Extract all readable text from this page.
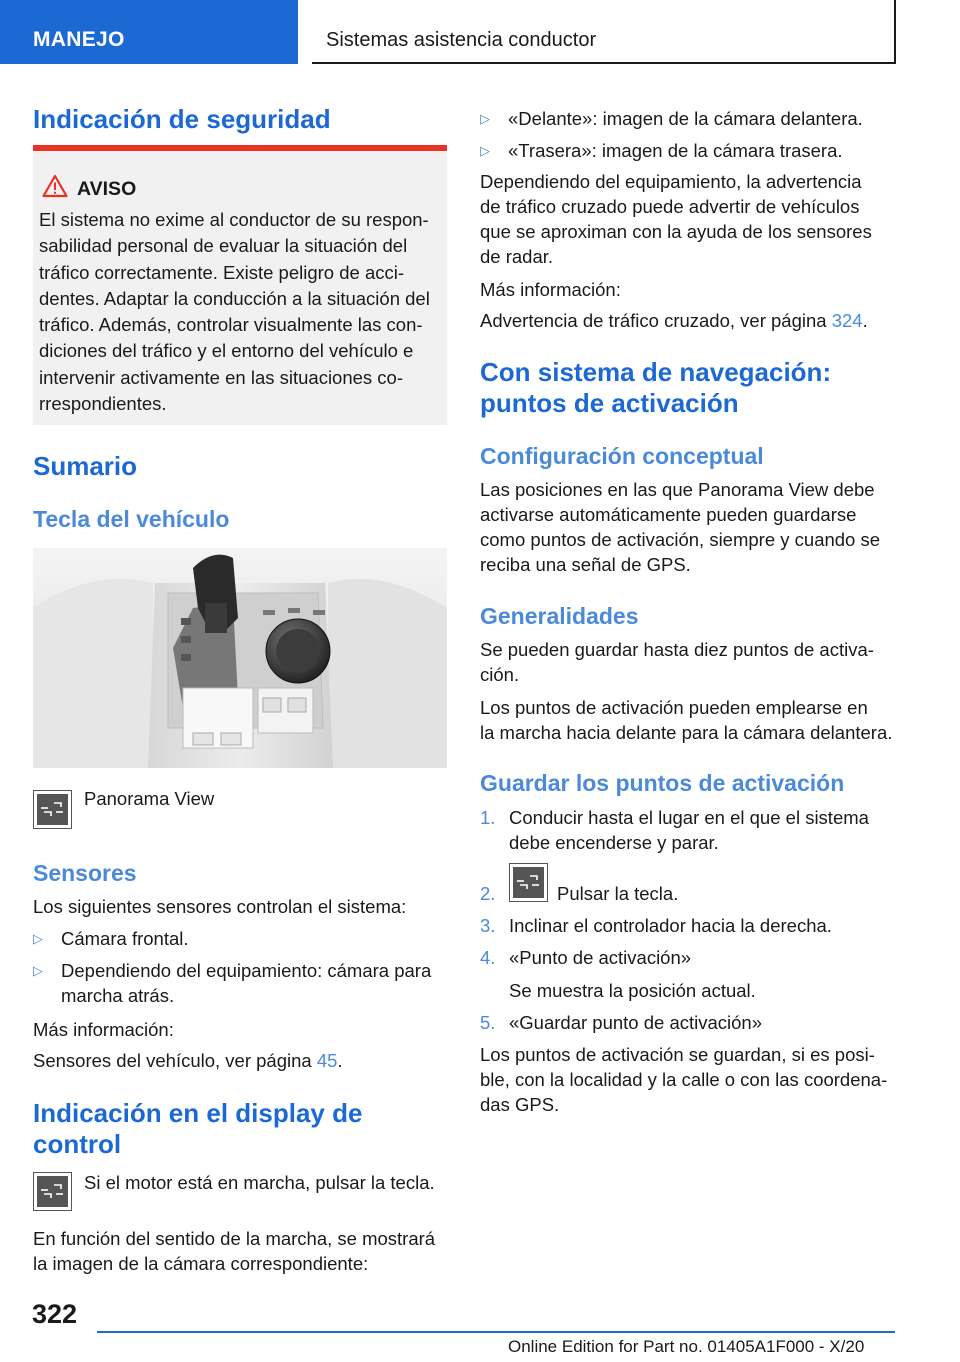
MANEJO	Sistemas asistencia conductor
Indicación de seguridad
AVISO
El sistema no exime al conductor de su respon-
sabilidad personal de evaluar la situación del
tráfico correctamente. Existe peligro de acci-
dentes. Adaptar la conducción a la situación del
tráfico. Además, controlar visualmente las con-
diciones del tráfico y el entorno del vehículo e
intervenir activamente en las situaciones co-
rrespondientes.
Sumario
Tecla del vehículo
Panorama View
Sensores
Los siguientes sensores controlan el sistema:
▷ Cámara frontal.
▷ Dependiendo del equipamiento: cámara para
marcha atrás.
Más información:
Sensores del vehículo, ver página 45.
Indicación en el display de
control
Si el motor está en marcha, pulsar la tecla.
En función del sentido de la marcha, se mostrará
la imagen de la cámara correspondiente:
▷ «Delante»: imagen de la cámara delantera.
▷ «Trasera»: imagen de la cámara trasera.
Dependiendo del equipamiento, la advertencia
de tráfico cruzado puede advertir de vehículos
que se aproximan con la ayuda de los sensores
de radar.
Más información:
Advertencia de tráfico cruzado, ver página 324.
Con sistema de navegación:
puntos de activación
Configuración conceptual
Las posiciones en las que Panorama View debe
activarse automáticamente pueden guardarse
como puntos de activación, siempre y cuando se
reciba una señal de GPS.
Generalidades
Se pueden guardar hasta diez puntos de activa-
ción.
Los puntos de activación pueden emplearse en
la marcha hacia delante para la cámara delantera.
Guardar los puntos de activación
1. Conducir hasta el lugar en el que el sistema
debe encenderse y parar.
2.	Pulsar la tecla.
3. Inclinar el controlador hacia la derecha.
4. «Punto de activación»
Se muestra la posición actual.
5. «Guardar punto de activación»
Los puntos de activación se guardan, si es posi-
ble, con la localidad y la calle o con las coordena-
das GPS.
322
Online Edition for Part no. 01405A1F000 - X/20
